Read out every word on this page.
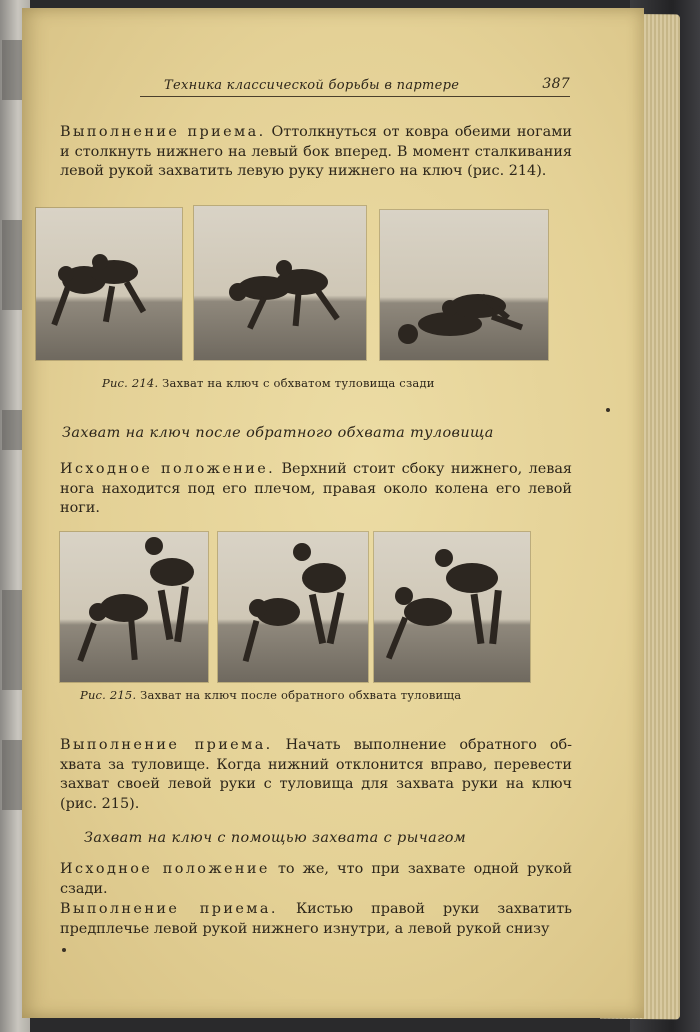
Техника классической борьбы в партере	387
Выполнение приема. Оттолкнуться от ковра обеими ногами и столкнуть нижнего на левый бок вперед. В момент сталкивания левой рукой захватить левую руку нижнего на ключ (рис. 214).
Рис. 214. Захват на ключ с обхватом туловища сзади
Захват на ключ после обратного обхвата туловища
Исходное положение. Верхний стоит сбоку нижнего, левая нога находится под его плечом, правая около колена его левой ноги.
Рис. 215. Захват на ключ после обратного обхвата туловища
Выполнение приема. Начать выполнение обратного об- хвата за туловище. Когда нижний отклонится вправо, перевести захват своей левой руки с туловища для захвата руки на ключ (рис. 215).
Захват на ключ с помощью захвата с рычагом
Исходное положение то же, что при захвате одной рукой сзади.
Выполнение приема. Кистью правой руки захватить предплечье левой рукой нижнего изнутри, а левой рукой снизу
